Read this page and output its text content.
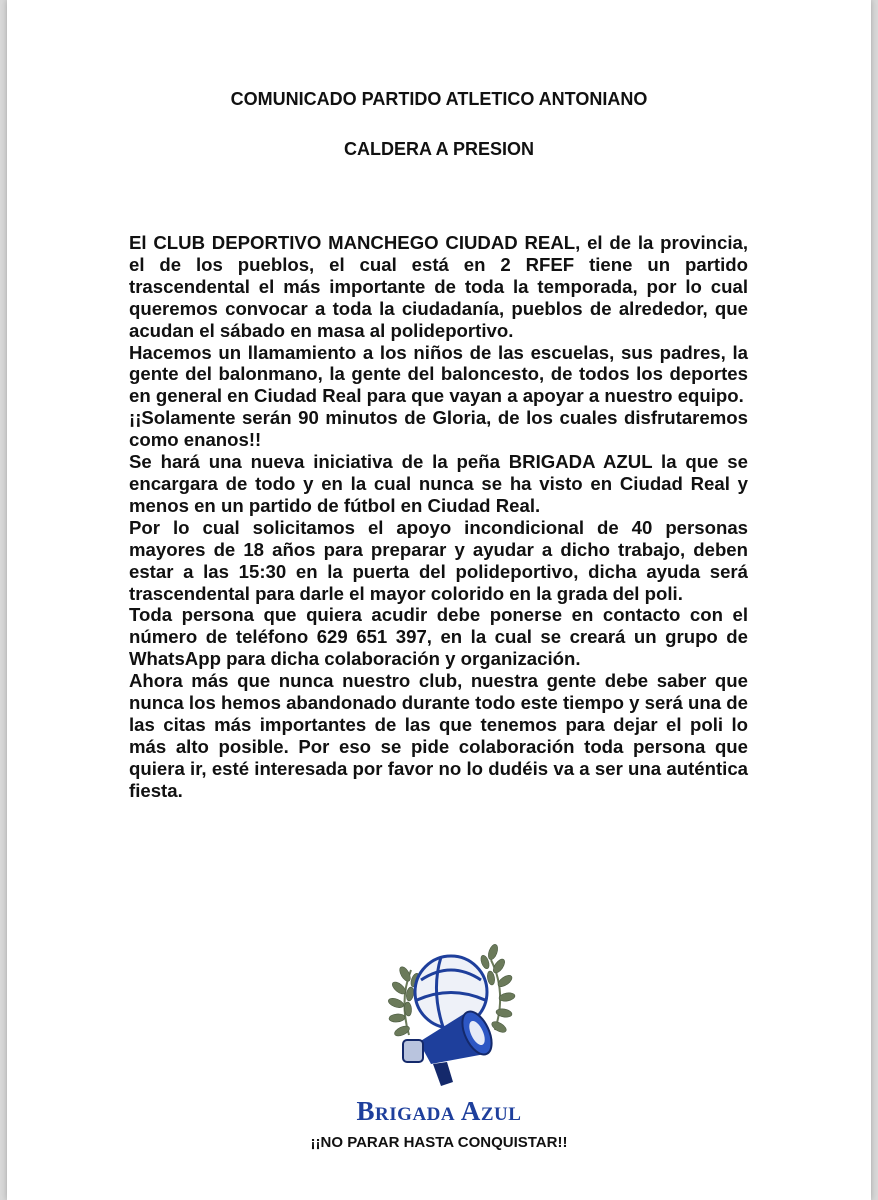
COMUNICADO PARTIDO ATLETICO ANTONIANO
CALDERA A PRESION

El CLUB DEPORTIVO MANCHEGO CIUDAD REAL, el de la provincia, el de los pueblos, el cual está en 2 RFEF tiene un partido trascendental el más importante de toda la temporada, por lo cual queremos convocar a toda la ciudadanía, pueblos de alrededor, que acudan el sábado en masa al polideportivo.

Hacemos un llamamiento a los niños de las escuelas, sus padres, la gente del balonmano, la gente del baloncesto, de todos los deportes en general en Ciudad Real para que vayan a apoyar a nuestro equipo.

¡¡Solamente serán 90 minutos de Gloria, de los cuales disfrutaremos como enanos!!

Se hará una nueva iniciativa de la peña BRIGADA AZUL la que se encargara de todo y en la cual nunca se ha visto en Ciudad Real y menos en un partido de fútbol en Ciudad Real.

Por lo cual solicitamos el apoyo incondicional de 40 personas mayores de 18 años para preparar y ayudar a dicho trabajo, deben estar a las 15:30 en la puerta del polideportivo, dicha ayuda será trascendental para darle el mayor colorido en la grada del poli.

Toda persona que quiera acudir debe ponerse en contacto con el número de teléfono 629 651 397, en la cual se creará un grupo de WhatsApp para dicha colaboración y organización.

Ahora más que nunca nuestro club, nuestra gente debe saber que nunca los hemos abandonado durante todo este tiempo y será una de las citas más importantes de las que tenemos para dejar el poli lo más alto posible. Por eso se pide colaboración toda persona que quiera ir, esté interesada por favor no lo dudéis va a ser una auténtica fiesta.

Brigada Azul
¡¡NO PARAR HASTA CONQUISTAR!!
